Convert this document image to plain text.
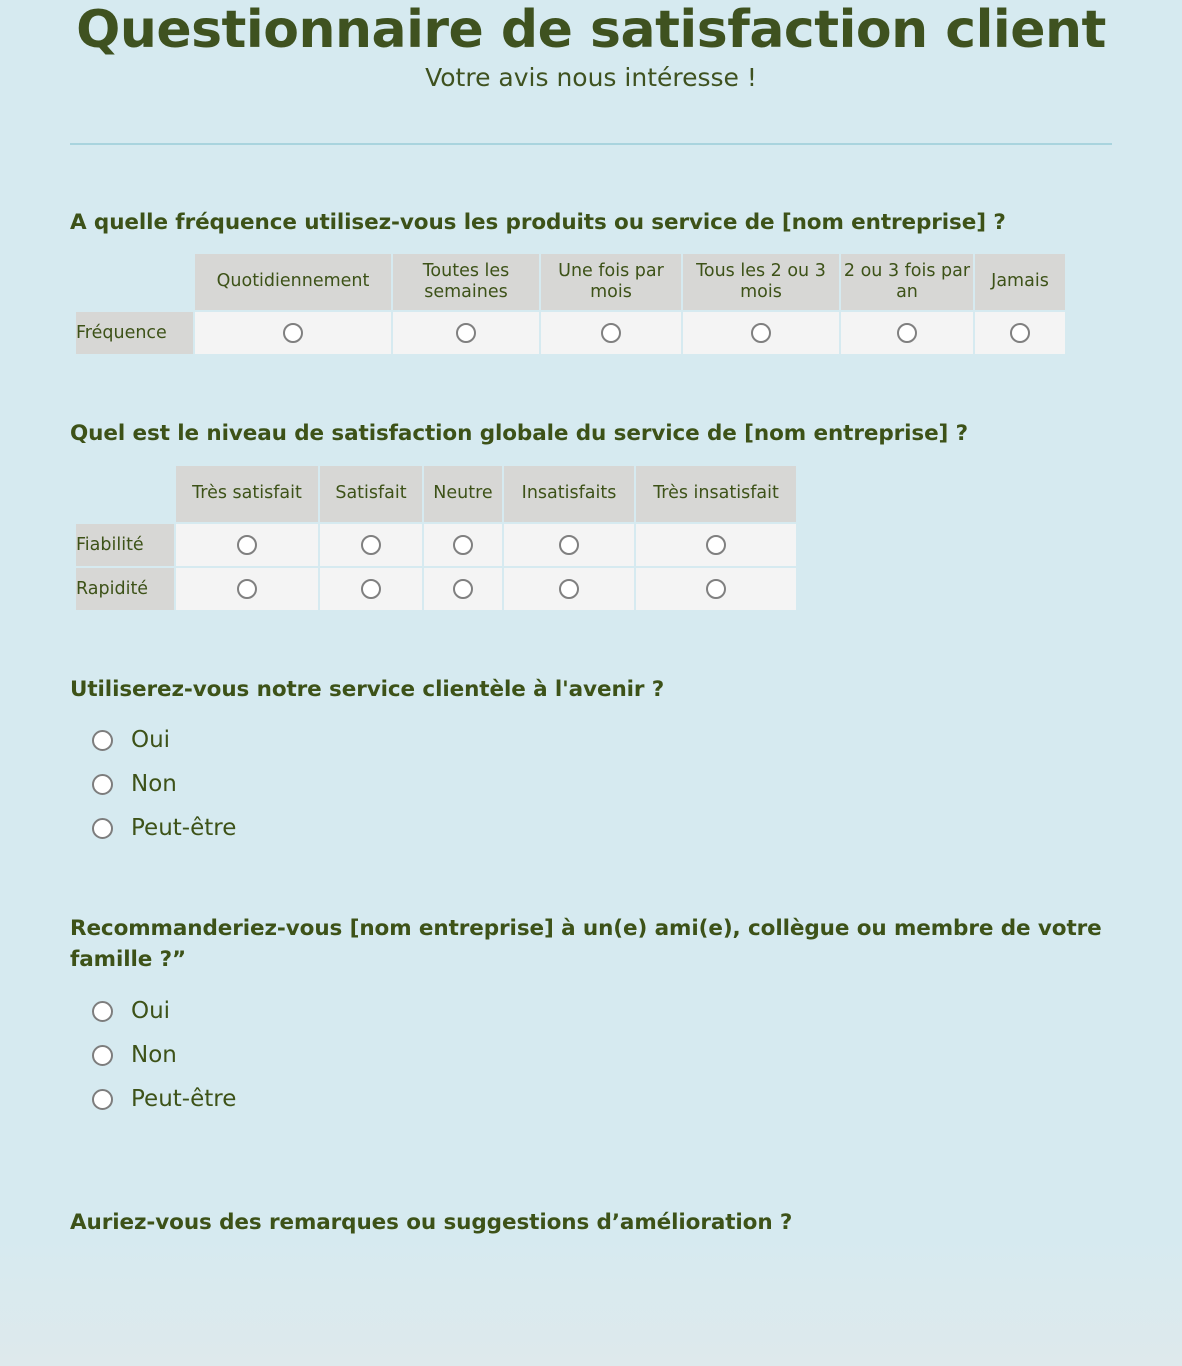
Questionnaire de satisfaction client

Votre avis nous intéresse !

A quelle fréquence utilisez-vous les produits ou service de [nom entreprise] ?
	Quotidiennement	Toutes les semaines	Une fois par mois	Tous les 2 ou 3 mois	2 ou 3 fois par an	Jamais
Fréquence						
Quel est le niveau de satisfaction globale du service de [nom entreprise] ?
	Très satisfait	Satisfait	Neutre	Insatisfaits	Très insatisfait
Fiabilité					
Rapidité					
Utiliserez-vous notre service clientèle à l'avenir ?
Oui
Non
Peut-être
Recommanderiez-vous [nom entreprise] à un(e) ami(e), collègue ou membre de votre famille ?”
Oui
Non
Peut-être
Auriez-vous des remarques ou suggestions d’amélioration ?
